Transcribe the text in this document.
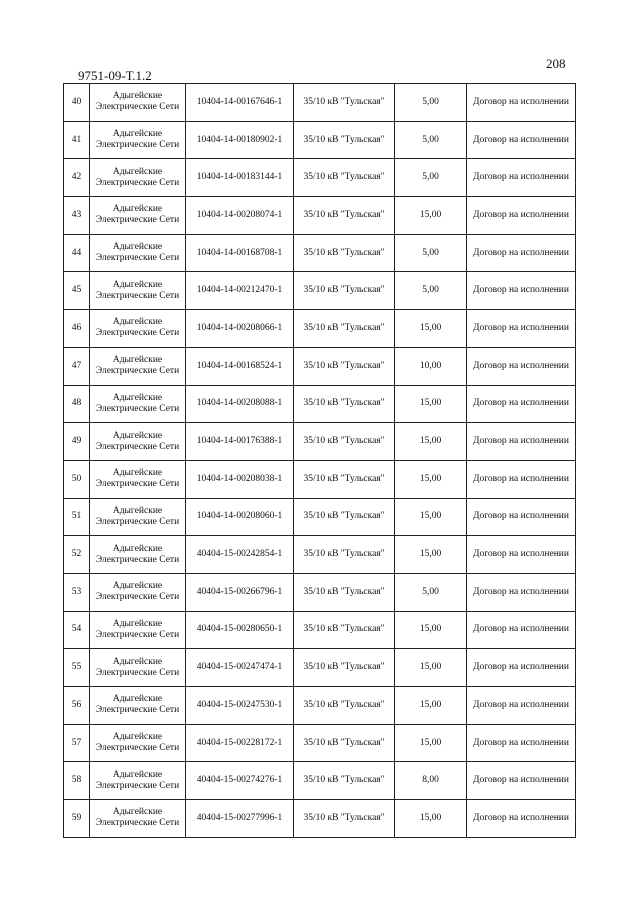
208
9751-09-Т.1.2
40	Адыгейские Электрические Сети	10404-14-00167646-1	35/10 кВ "Тульская"	5,00	Договор на исполнении
41	Адыгейские Электрические Сети	10404-14-00180902-1	35/10 кВ "Тульская"	5,00	Договор на исполнении
42	Адыгейские Электрические Сети	10404-14-00183144-1	35/10 кВ "Тульская"	5,00	Договор на исполнении
43	Адыгейские Электрические Сети	10404-14-00208074-1	35/10 кВ "Тульская"	15,00	Договор на исполнении
44	Адыгейские Электрические Сети	10404-14-00168708-1	35/10 кВ "Тульская"	5,00	Договор на исполнении
45	Адыгейские Электрические Сети	10404-14-00212470-1	35/10 кВ "Тульская"	5,00	Договор на исполнении
46	Адыгейские Электрические Сети	10404-14-00208066-1	35/10 кВ "Тульская"	15,00	Договор на исполнении
47	Адыгейские Электрические Сети	10404-14-00168524-1	35/10 кВ "Тульская"	10,00	Договор на исполнении
48	Адыгейские Электрические Сети	10404-14-00208088-1	35/10 кВ "Тульская"	15,00	Договор на исполнении
49	Адыгейские Электрические Сети	10404-14-00176388-1	35/10 кВ "Тульская"	15,00	Договор на исполнении
50	Адыгейские Электрические Сети	10404-14-00208038-1	35/10 кВ "Тульская"	15,00	Договор на исполнении
51	Адыгейские Электрические Сети	10404-14-00208060-1	35/10 кВ "Тульская"	15,00	Договор на исполнении
52	Адыгейские Электрические Сети	40404-15-00242854-1	35/10 кВ "Тульская"	15,00	Договор на исполнении
53	Адыгейские Электрические Сети	40404-15-00266796-1	35/10 кВ "Тульская"	5,00	Договор на исполнении
54	Адыгейские Электрические Сети	40404-15-00280650-1	35/10 кВ "Тульская"	15,00	Договор на исполнении
55	Адыгейские Электрические Сети	40404-15-00247474-1	35/10 кВ "Тульская"	15,00	Договор на исполнении
56	Адыгейские Электрические Сети	40404-15-00247530-1	35/10 кВ "Тульская"	15,00	Договор на исполнении
57	Адыгейские Электрические Сети	40404-15-00228172-1	35/10 кВ "Тульская"	15,00	Договор на исполнении
58	Адыгейские Электрические Сети	40404-15-00274276-1	35/10 кВ "Тульская"	8,00	Договор на исполнении
59	Адыгейские Электрические Сети	40404-15-00277996-1	35/10 кВ "Тульская"	15,00	Договор на исполнении
